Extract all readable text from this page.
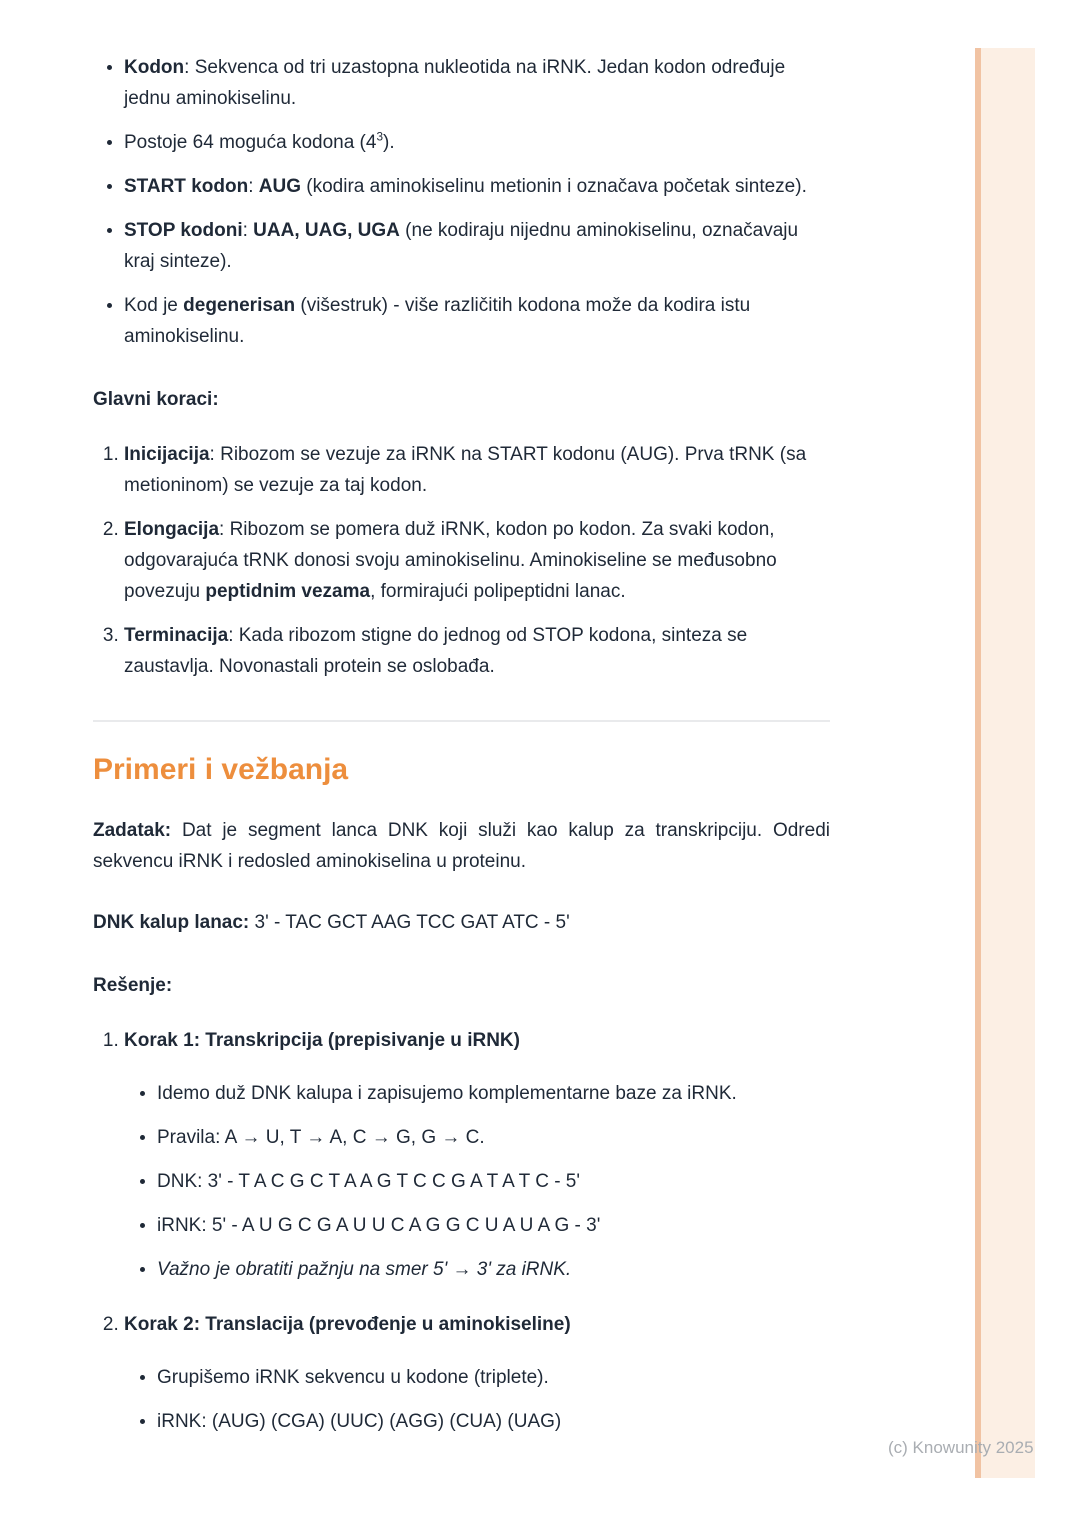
• Kodon: Sekvenca od tri uzastopna nukleotida na iRNK. Jedan kodon određuje jednu aminokiselinu.
• Postoje 64 moguća kodona $(4^3)$.
• START kodon: AUG (kodira aminokiselinu metionin i označava početak sinteze).
• STOP kodoni: UAA, UAG, UGA (ne kodiraju nijednu aminokiselinu, označavaju kraj sinteze).
• Kod je degenerisan (višestruk) - više različitih kodona može da kodira istu aminokiselinu.

Glavni koraci:

1. Inicijacija: Ribozom se vezuje za iRNK na START kodonu (AUG). Prva tRNK (sa metioninom) se vezuje za taj kodon.
2. Elongacija: Ribozom se pomera duž iRNK, kodon po kodon. Za svaki kodon, odgovarajuća tRNK donosi svoju aminokiselinu. Aminokiseline se međusobno povezuju peptidnim vezama, formirajući polipeptidni lanac.
3. Terminacija: Kada ribozom stigne do jednog od STOP kodona, sinteza se zaustavlja. Novonastali protein se oslobađa.
Primeri i vežbanja

Zadatak: Dat je segment lanca DNK koji služi kao kalup za transkripciju. Odredi sekvencu iRNK i redosled aminokiselina u proteinu.

DNK kalup lanac: 3' - TAC GCT AAG TCC GAT ATC - 5'

Rešenje:

1. Korak 1: Transkripcija (prepisivanje u iRNK)

• Idemo duž DNK kalupa i zapisujemo komplementarne baze za iRNK.
• Pravila: A → U, T → A, C → G, G → C.
• DNK: 3' - T A C G C T A A G T C C G A T A T C - 5'
• iRNK: 5' - A U G C G A U U C A G G C U A U A G - 3'
• Važno je obratiti pažnju na smer 5' → 3' za iRNK.

2. Korak 2: Translacija (prevođenje u aminokiseline)

• Grupišemo iRNK sekvencu u kodone (triplete).
• iRNK: (AUG) (CGA) (UUC) (AGG) (CUA) (UAG)
(c) Knowunity 2025
